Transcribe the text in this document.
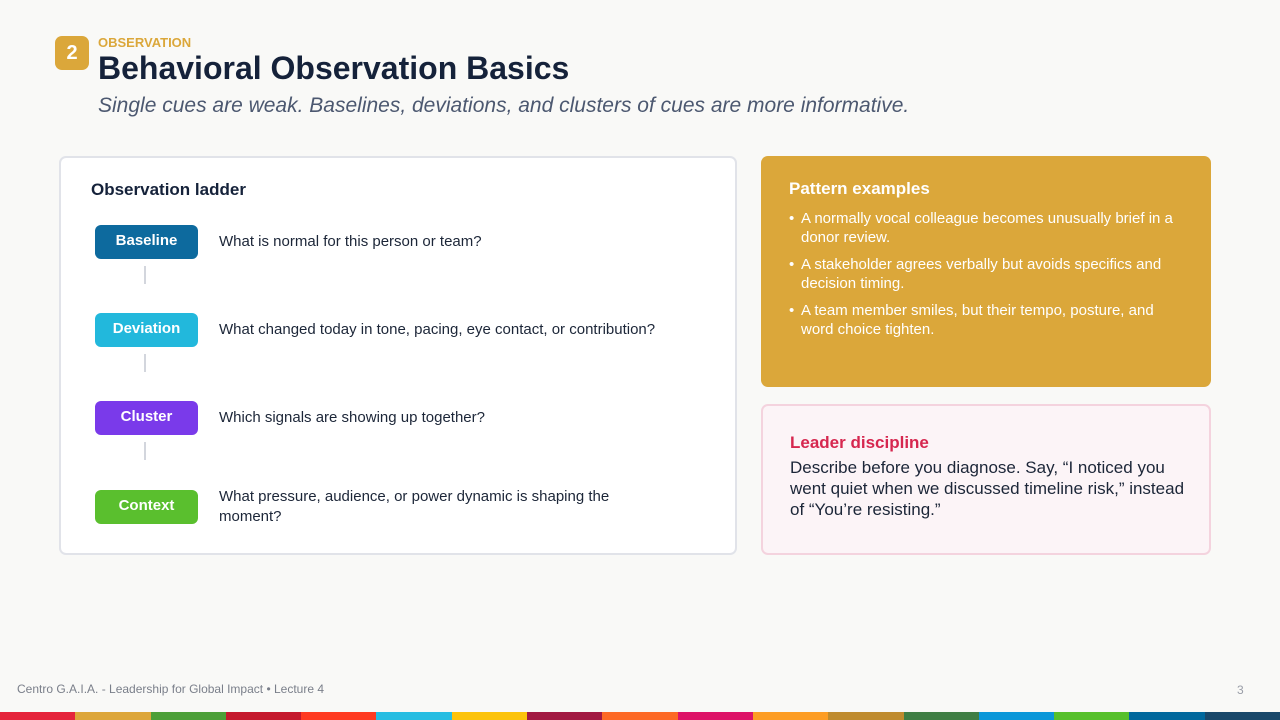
2	OBSERVATION
Behavioral Observation Basics
Single cues are weak. Baselines, deviations, and clusters of cues are more informative.
Observation ladder
Baseline	What is normal for this person or team?
Deviation	What changed today in tone, pacing, eye contact, or contribution?
Cluster	Which signals are showing up together?
Context	What pressure, audience, or power dynamic is shaping the moment?
Pattern examples
• A normally vocal colleague becomes unusually brief in a donor review.
• A stakeholder agrees verbally but avoids specifics and decision timing.
• A team member smiles, but their tempo, posture, and word choice tighten.
Leader discipline
Describe before you diagnose. Say, “I noticed you went quiet when we discussed timeline risk,” instead of “You’re resisting.”
Centro G.A.I.A. - Leadership for Global Impact • Lecture 4	3
